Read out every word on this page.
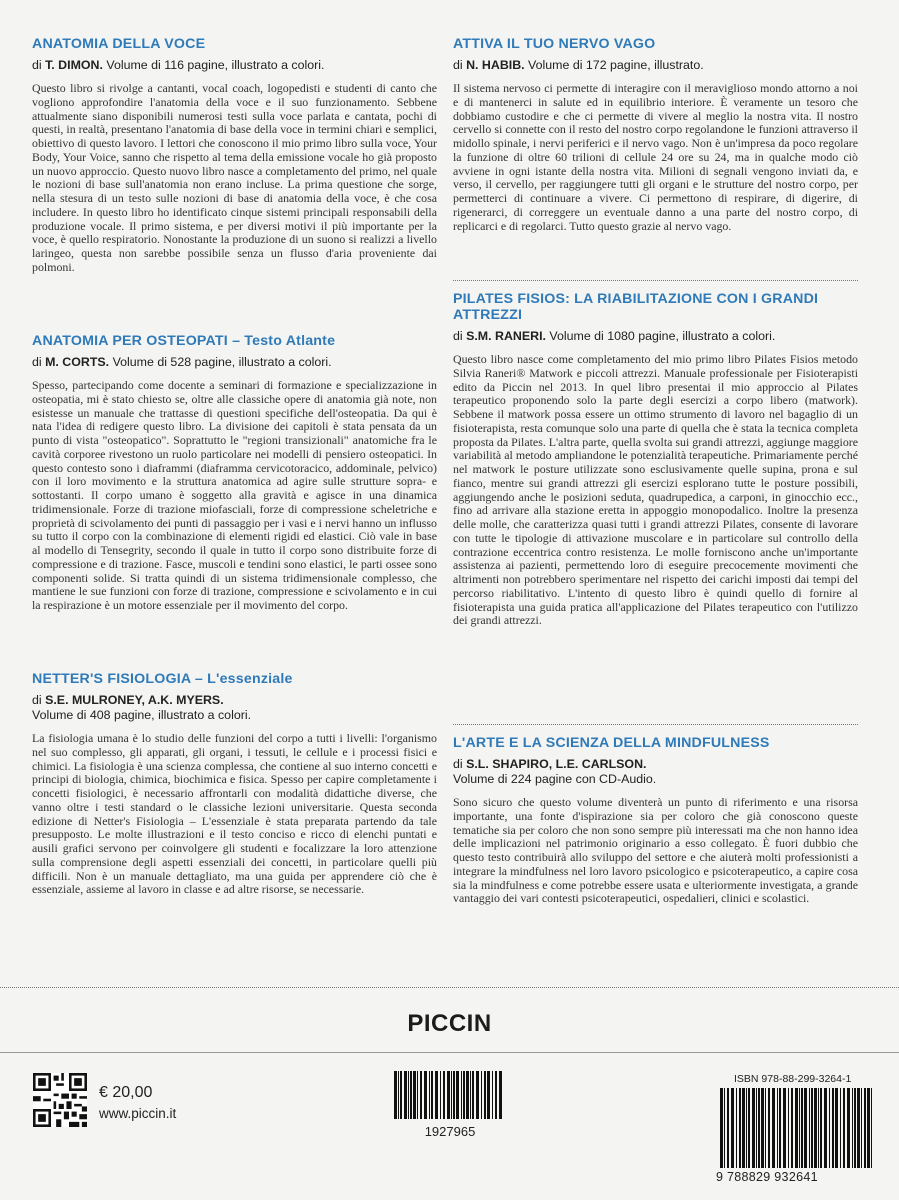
ANATOMIA DELLA VOCE
di T. DIMON. Volume di 116 pagine, illustrato a colori.

Questo libro si rivolge a cantanti, vocal coach, logopedisti e studenti di canto che vogliono approfondire l'anatomia della voce e il suo funzionamento. Sebbene attualmente siano disponibili numerosi testi sulla voce parlata e cantata, pochi di questi, in realtà, presentano l'anatomia di base della voce in termini chiari e semplici, obiettivo di questo lavoro. I lettori che conoscono il mio primo libro sulla voce, Your Body, Your Voice, sanno che rispetto al tema della emissione vocale ho già proposto un nuovo approccio. Questo nuovo libro nasce a completamento del primo, nel quale le nozioni di base sull'anatomia non erano incluse. La prima questione che sorge, nella stesura di un testo sulle nozioni di base di anatomia della voce, è che cosa includere. In questo libro ho identificato cinque sistemi principali responsabili della produzione vocale. Il primo sistema, e per diversi motivi il più importante per la voce, è quello respiratorio. Nonostante la produzione di un suono si realizzi a livello laringeo, questa non sarebbe possibile senza un flusso d'aria proveniente dai polmoni.

ANATOMIA PER OSTEOPATI – Testo Atlante
di M. CORTS. Volume di 528 pagine, illustrato a colori.

Spesso, partecipando come docente a seminari di formazione e specializzazione in osteopatia, mi è stato chiesto se, oltre alle classiche opere di anatomia già note, non esistesse un manuale che trattasse di questioni specifiche dell'osteopatia. Da qui è nata l'idea di redigere questo libro. La divisione dei capitoli è stata pensata da un punto di vista "osteopatico". Soprattutto le "regioni transizionali" anatomiche fra le cavità corporee rivestono un ruolo particolare nei modelli di pensiero osteopatici. In questo contesto sono i diaframmi (diaframma cervicotoracico, addominale, pelvico) con il loro movimento e la struttura anatomica ad agire sulle strutture sopra- e sottostanti. Il corpo umano è soggetto alla gravità e agisce in una dinamica tridimensionale. Forze di trazione miofasciali, forze di compressione scheletriche e proprietà di scivolamento dei punti di passaggio per i vasi e i nervi hanno un influsso su tutto il corpo con la combinazione di elementi rigidi ed elastici. Ciò vale in base al modello di Tensegrity, secondo il quale in tutto il corpo sono distribuite forze di compressione e di trazione. Fasce, muscoli e tendini sono elastici, le parti ossee sono componenti solide. Si tratta quindi di un sistema tridimensionale complesso, che mantiene le sue funzioni con forze di trazione, compressione e scivolamento e in cui la respirazione è un motore essenziale per il movimento del corpo.

NETTER'S FISIOLOGIA – L'essenziale
di S.E. MULRONEY, A.K. MYERS.
Volume di 408 pagine, illustrato a colori.

La fisiologia umana è lo studio delle funzioni del corpo a tutti i livelli: l'organismo nel suo complesso, gli apparati, gli organi, i tessuti, le cellule e i processi fisici e chimici. La fisiologia è una scienza complessa, che contiene al suo interno concetti e principi di biologia, chimica, biochimica e fisica. Spesso per capire completamente i concetti fisiologici, è necessario affrontarli con modalità didattiche diverse, che vanno oltre i testi standard o le classiche lezioni universitarie. Questa seconda edizione di Netter's Fisiologia – L'essenziale è stata preparata partendo da tale presupposto. Le molte illustrazioni e il testo conciso e ricco di elenchi puntati e ausili grafici servono per coinvolgere gli studenti e focalizzare la loro attenzione sulla comprensione degli aspetti essenziali dei concetti, in particolare quelli più difficili. Non è un manuale dettagliato, ma una guida per apprendere ciò che è essenziale, assieme al lavoro in classe e ad altre risorse, se necessarie.

ATTIVA IL TUO NERVO VAGO
di N. HABIB. Volume di 172 pagine, illustrato.

Il sistema nervoso ci permette di interagire con il meraviglioso mondo attorno a noi e di mantenerci in salute ed in equilibrio interiore. È veramente un tesoro che dobbiamo custodire e che ci permette di vivere al meglio la nostra vita. Il nostro cervello si connette con il resto del nostro corpo regolandone le funzioni attraverso il midollo spinale, i nervi periferici e il nervo vago. Non è un'impresa da poco regolare la funzione di oltre 60 trilioni di cellule 24 ore su 24, ma in qualche modo ciò avviene in ogni istante della nostra vita. Milioni di segnali vengono inviati da, e verso, il cervello, per raggiungere tutti gli organi e le strutture del nostro corpo, per permetterci di continuare a vivere. Ci permettono di respirare, di digerire, di rigenerarci, di correggere un eventuale danno a una parte del nostro corpo, di replicarci e di regolarci. Tutto questo grazie al nervo vago.

PILATES FISIOS: LA RIABILITAZIONE CON I GRANDI ATTREZZI
di S.M. RANERI. Volume di 1080 pagine, illustrato a colori.

Questo libro nasce come completamento del mio primo libro Pilates Fisios metodo Silvia Raneri® Matwork e piccoli attrezzi. Manuale professionale per Fisioterapisti edito da Piccin nel 2013. In quel libro presentai il mio approccio al Pilates terapeutico proponendo solo la parte degli esercizi a corpo libero (matwork). Sebbene il matwork possa essere un ottimo strumento di lavoro nel bagaglio di un fisioterapista, resta comunque solo una parte di quella che è stata la tecnica completa proposta da Pilates. L'altra parte, quella svolta sui grandi attrezzi, aggiunge maggiore variabilità al metodo ampliandone le potenzialità terapeutiche. Primariamente perché nel matwork le posture utilizzate sono esclusivamente quelle supina, prona e sul fianco, mentre sui grandi attrezzi gli esercizi esplorano tutte le posture possibili, aggiungendo anche le posizioni seduta, quadrupedica, a carponi, in ginocchio ecc., fino ad arrivare alla stazione eretta in appoggio monopodalico. Inoltre la presenza delle molle, che caratterizza quasi tutti i grandi attrezzi Pilates, consente di lavorare con tutte le tipologie di attivazione muscolare e in particolare sul controllo della contrazione eccentrica contro resistenza. Le molle forniscono anche un'importante assistenza ai pazienti, permettendo loro di eseguire precocemente movimenti che altrimenti non potrebbero sperimentare nel rispetto dei carichi imposti dai tempi del percorso riabilitativo. L'intento di questo libro è quindi quello di fornire al fisioterapista una guida pratica all'applicazione del Pilates terapeutico con l'utilizzo dei grandi attrezzi.

L'ARTE E LA SCIENZA DELLA MINDFULNESS
di S.L. SHAPIRO, L.E. CARLSON.
Volume di 224 pagine con CD-Audio.

Sono sicuro che questo volume diventerà un punto di riferimento e una risorsa importante, una fonte d'ispirazione sia per coloro che già conoscono queste tematiche sia per coloro che non sono sempre più interessati ma che non hanno idea delle implicazioni nel patrimonio originario a esso collegato. È fuori dubbio che questo testo contribuirà allo sviluppo del settore e che aiuterà molti professionisti a integrare la mindfulness nel loro lavoro psicologico e psicoterapeutico, a capire cosa sia la mindfulness e come potrebbe essere usata e ulteriormente investigata, a grande vantaggio dei vari contesti psicoterapeutici, ospedalieri, clinici e scolastici.

PICCIN
€ 20,00
www.piccin.it
1927965
ISBN 978-88-299-3264-1
9 788829 932641
